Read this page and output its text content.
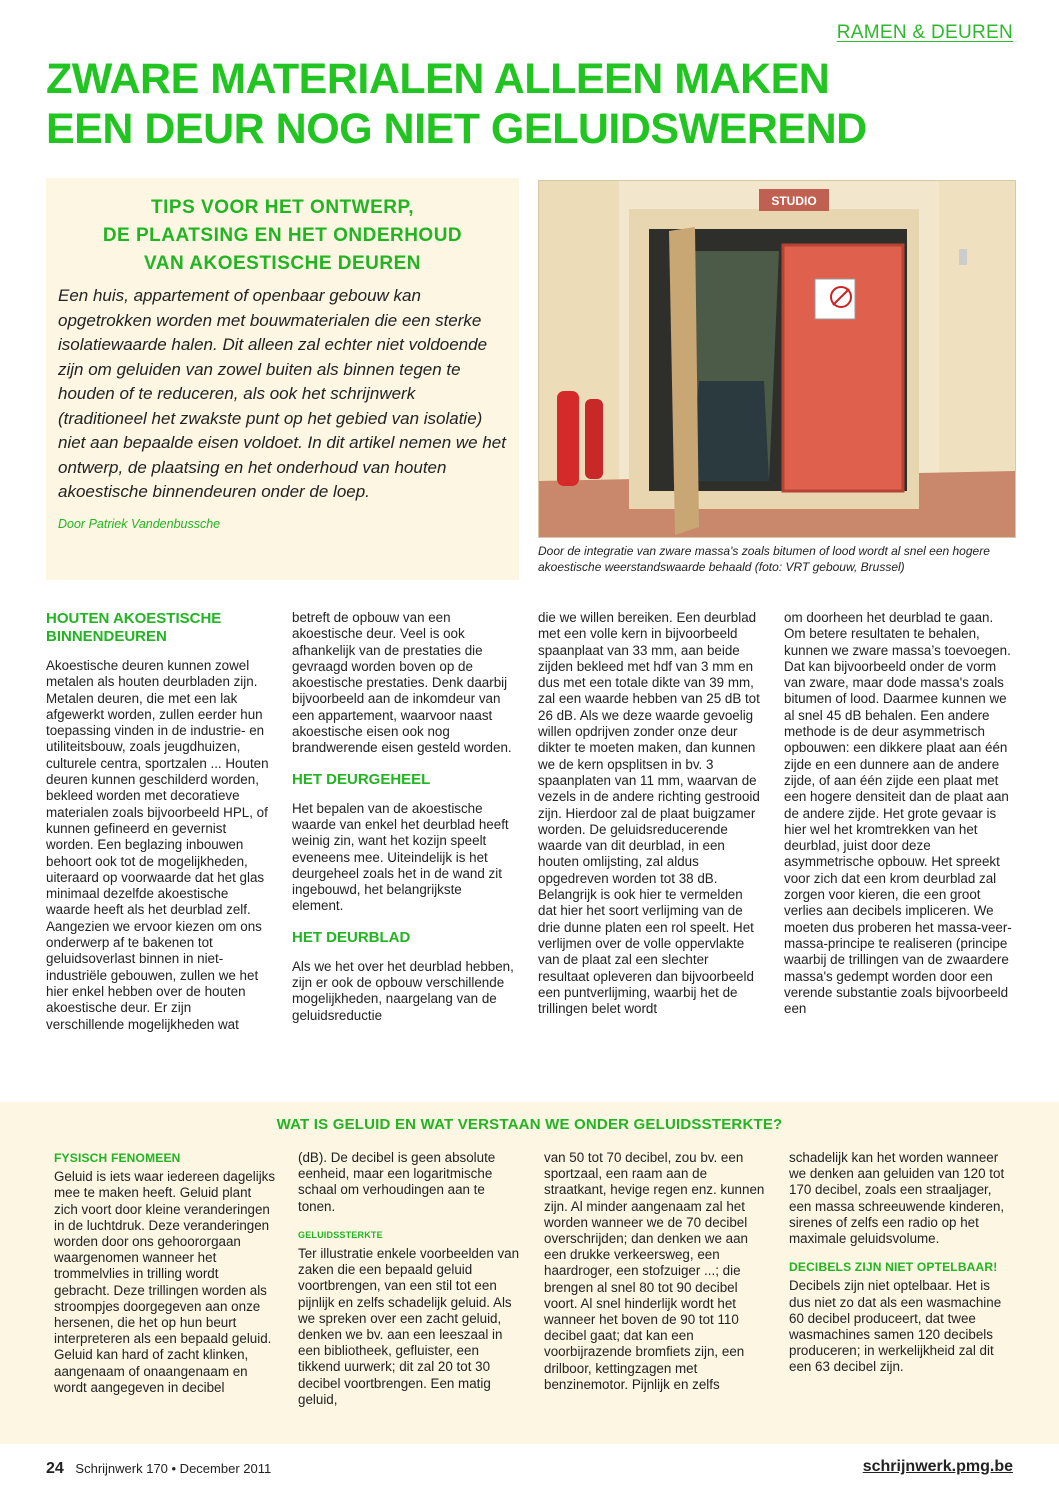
RAMEN & DEUREN
ZWARE MATERIALEN ALLEEN MAKEN
EEN DEUR NOG NIET GELUIDSWEREND
TIPS VOOR HET ONTWERP,
DE PLAATSING EN HET ONDERHOUD
VAN AKOESTISCHE DEUREN

Een huis, appartement of openbaar gebouw kan opgetrokken worden met bouwmaterialen die een sterke isolatiewaarde halen. Dit alleen zal echter niet voldoende zijn om geluiden van zowel buiten als binnen tegen te houden of te reduceren, als ook het schrijnwerk (traditioneel het zwakste punt op het gebied van isolatie) niet aan bepaalde eisen voldoet. In dit artikel nemen we het ontwerp, de plaatsing en het onderhoud van houten akoestische binnendeuren onder de loep.

Door Patriek Vandenbussche
STUDIO
Door de integratie van zware massa's zoals bitumen of lood wordt al snel een hogere akoestische weerstandswaarde behaald (foto: VRT gebouw, Brussel)
HOUTEN AKOESTISCHE BINNENDEUREN

Akoestische deuren kunnen zowel metalen als houten deurbladen zijn. Metalen deuren, die met een lak afgewerkt worden, zullen eerder hun toepassing vinden in de industrie- en utiliteitsbouw, zoals jeugdhuizen, culturele centra, sportzalen ... Houten deuren kunnen geschilderd worden, bekleed worden met decoratieve materialen zoals bijvoorbeeld HPL, of kunnen gefineerd en gevernist worden. Een beglazing inbouwen behoort ook tot de mogelijkheden, uiteraard op voorwaarde dat het glas minimaal dezelfde akoestische waarde heeft als het deurblad zelf. Aangezien we ervoor kiezen om ons onderwerp af te bakenen tot geluidsoverlast binnen in niet-industriële gebouwen, zullen we het hier enkel hebben over de houten akoestische deur. Er zijn verschillende mogelijkheden wat

betreft de opbouw van een akoestische deur. Veel is ook afhankelijk van de prestaties die gevraagd worden boven op de akoestische prestaties. Denk daarbij bijvoorbeeld aan de inkomdeur van een appartement, waarvoor naast akoestische eisen ook nog brandwerende eisen gesteld worden.

HET DEURGEHEEL

Het bepalen van de akoestische waarde van enkel het deurblad heeft weinig zin, want het kozijn speelt eveneens mee. Uiteindelijk is het deurgeheel zoals het in de wand zit ingebouwd, het belangrijkste element.

HET DEURBLAD

Als we het over het deurblad hebben, zijn er ook de opbouw verschillende mogelijkheden, naargelang van de geluidsreductie

die we willen bereiken. Een deurblad met een volle kern in bijvoorbeeld spaanplaat van 33 mm, aan beide zijden bekleed met hdf van 3 mm en dus met een totale dikte van 39 mm, zal een waarde hebben van 25 dB tot 26 dB. Als we deze waarde gevoelig willen opdrijven zonder onze deur dikter te moeten maken, dan kunnen we de kern opsplitsen in bv. 3 spaanplaten van 11 mm, waarvan de vezels in de andere richting gestrooid zijn. Hierdoor zal de plaat buigzamer worden. De geluidsreducerende waarde van dit deurblad, in een houten omlijsting, zal aldus opgedreven worden tot 38 dB. Belangrijk is ook hier te vermelden dat hier het soort verlijming van de drie dunne platen een rol speelt. Het verlijmen over de volle oppervlakte van de plaat zal een slechter resultaat opleveren dan bijvoorbeeld een puntverlijming, waarbij het de trillingen belet wordt

om doorheen het deurblad te gaan. Om betere resultaten te behalen, kunnen we zware massa’s toevoegen. Dat kan bijvoorbeeld onder de vorm van zware, maar dode massa's zoals bitumen of lood. Daarmee kunnen we al snel 45 dB behalen. Een andere methode is de deur asymmetrisch opbouwen: een dikkere plaat aan één zijde en een dunnere aan de andere zijde, of aan één zijde een plaat met een hogere densiteit dan de plaat aan de andere zijde. Het grote gevaar is hier wel het kromtrekken van het deurblad, juist door deze asymmetrische opbouw. Het spreekt voor zich dat een krom deurblad zal zorgen voor kieren, die een groot verlies aan decibels impliceren. We moeten dus proberen het massa-veer-massa-principe te realiseren (principe waarbij de trillingen van de zwaardere massa's gedempt worden door een verende substantie zoals bijvoorbeeld een

WAT IS GELUID EN WAT VERSTAAN WE ONDER GELUIDSSTERKTE?
FYSISCH FENOMEEN

Geluid is iets waar iedereen dagelijks mee te maken heeft. Geluid plant zich voort door kleine veranderingen in de luchtdruk. Deze veranderingen worden door ons gehoororgaan waargenomen wanneer het trommelvlies in trilling wordt gebracht. Deze trillingen worden als stroompjes doorgegeven aan onze hersenen, die het op hun beurt interpreteren als een bepaald geluid. Geluid kan hard of zacht klinken, aangenaam of onaangenaam en wordt aangegeven in decibel

(dB). De decibel is geen absolute eenheid, maar een logaritmische schaal om verhoudingen aan te tonen.

GELUIDSSTERKTE

Ter illustratie enkele voorbeelden van zaken die een bepaald geluid voortbrengen, van een stil tot een pijnlijk en zelfs schadelijk geluid. Als we spreken over een zacht geluid, denken we bv. aan een leeszaal in een bibliotheek, gefluister, een tikkend uurwerk; dit zal 20 tot 30 decibel voortbrengen. Een matig geluid,

van 50 tot 70 decibel, zou bv. een sportzaal, een raam aan de straatkant, hevige regen enz. kunnen zijn. Al minder aangenaam zal het worden wanneer we de 70 decibel overschrijden; dan denken we aan een drukke verkeersweg, een haardroger, een stofzuiger ...; die brengen al snel 80 tot 90 decibel voort. Al snel hinderlijk wordt het wanneer het boven de 90 tot 110 decibel gaat; dat kan een voorbijrazende bromfiets zijn, een drilboor, kettingzagen met benzinemotor. Pijnlijk en zelfs

schadelijk kan het worden wanneer we denken aan geluiden van 120 tot 170 decibel, zoals een straaljager, een massa schreeuwende kinderen, sirenes of zelfs een radio op het maximale geluidsvolume.

DECIBELS ZIJN NIET OPTELBAAR!

Decibels zijn niet optelbaar. Het is dus niet zo dat als een wasmachine 60 decibel produceert, dat twee wasmachines samen 120 decibels produceren; in werkelijkheid zal dit een 63 decibel zijn.

24 Schrijnwerk 170 • December 2011	schrijnwerk.pmg.be
